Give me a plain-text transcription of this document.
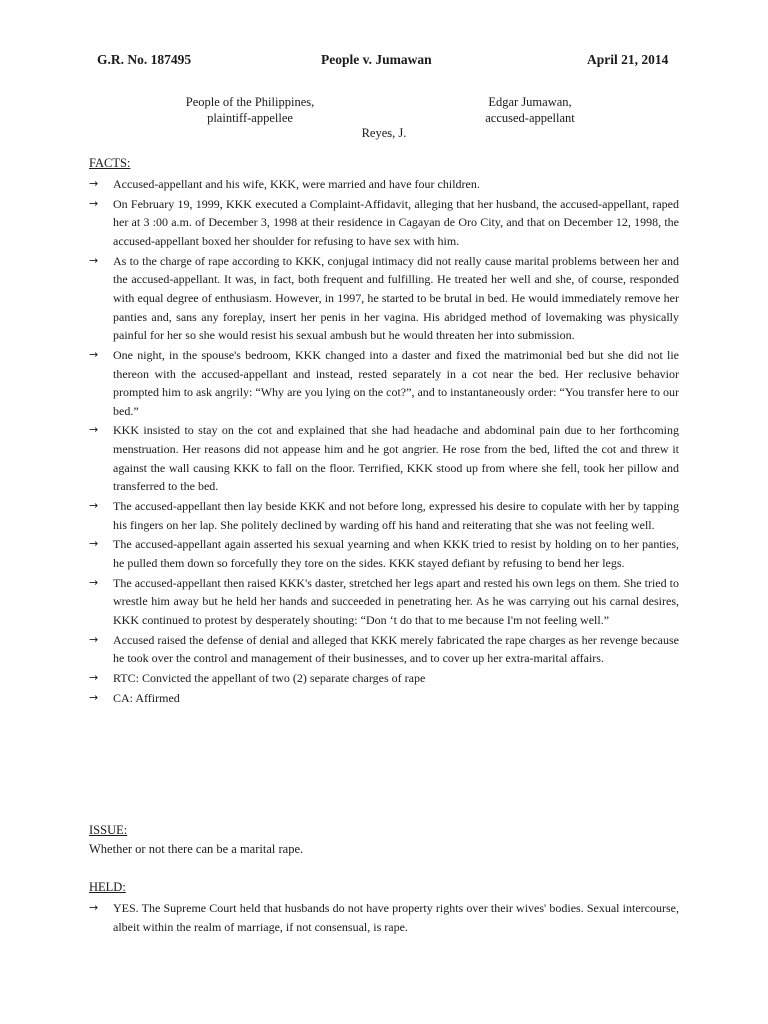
G.R. No. 187495	People v. Jumawan	April 21, 2014
People of the Philippines,
plaintiff-appellee
Edgar Jumawan,
accused-appellant
Reyes, J.
FACTS:
→ Accused-appellant and his wife, KKK, were married and have four children.
→ On February 19, 1999, KKK executed a Complaint-Affidavit, alleging that her husband, the accused-appellant, raped her at 3 :00 a.m. of December 3, 1998 at their residence in Cagayan de Oro City, and that on December 12, 1998, the accused-appellant boxed her shoulder for refusing to have sex with him.
→ As to the charge of rape according to KKK, conjugal intimacy did not really cause marital problems between her and the accused-appellant. It was, in fact, both frequent and fulfilling. He treated her well and she, of course, responded with equal degree of enthusiasm. However, in 1997, he started to be brutal in bed. He would immediately remove her panties and, sans any foreplay, insert her penis in her vagina. His abridged method of lovemaking was physically painful for her so she would resist his sexual ambush but he would threaten her into submission.
→ One night, in the spouse's bedroom, KKK changed into a daster and fixed the matrimonial bed but she did not lie thereon with the accused-appellant and instead, rested separately in a cot near the bed. Her reclusive behavior prompted him to ask angrily: “Why are you lying on the cot?”, and to instantaneously order: “You transfer here to our bed.”
→ KKK insisted to stay on the cot and explained that she had headache and abdominal pain due to her forthcoming menstruation. Her reasons did not appease him and he got angrier. He rose from the bed, lifted the cot and threw it against the wall causing KKK to fall on the floor. Terrified, KKK stood up from where she fell, took her pillow and transferred to the bed.
→ The accused-appellant then lay beside KKK and not before long, expressed his desire to copulate with her by tapping his fingers on her lap. She politely declined by warding off his hand and reiterating that she was not feeling well.
→ The accused-appellant again asserted his sexual yearning and when KKK tried to resist by holding on to her panties, he pulled them down so forcefully they tore on the sides. KKK stayed defiant by refusing to bend her legs.
→ The accused-appellant then raised KKK's daster, stretched her legs apart and rested his own legs on them. She tried to wrestle him away but he held her hands and succeeded in penetrating her. As he was carrying out his carnal desires, KKK continued to protest by desperately shouting: “Don ‘t do that to me because I'm not feeling well.”
→ Accused raised the defense of denial and alleged that KKK merely fabricated the rape charges as her revenge because he took over the control and management of their businesses, and to cover up her extra-marital affairs.
→ RTC: Convicted the appellant of two (2) separate charges of rape
→ CA: Affirmed
ISSUE:
Whether or not there can be a marital rape.
HELD:
→ YES. The Supreme Court held that husbands do not have property rights over their wives' bodies. Sexual intercourse, albeit within the realm of marriage, if not consensual, is rape.
